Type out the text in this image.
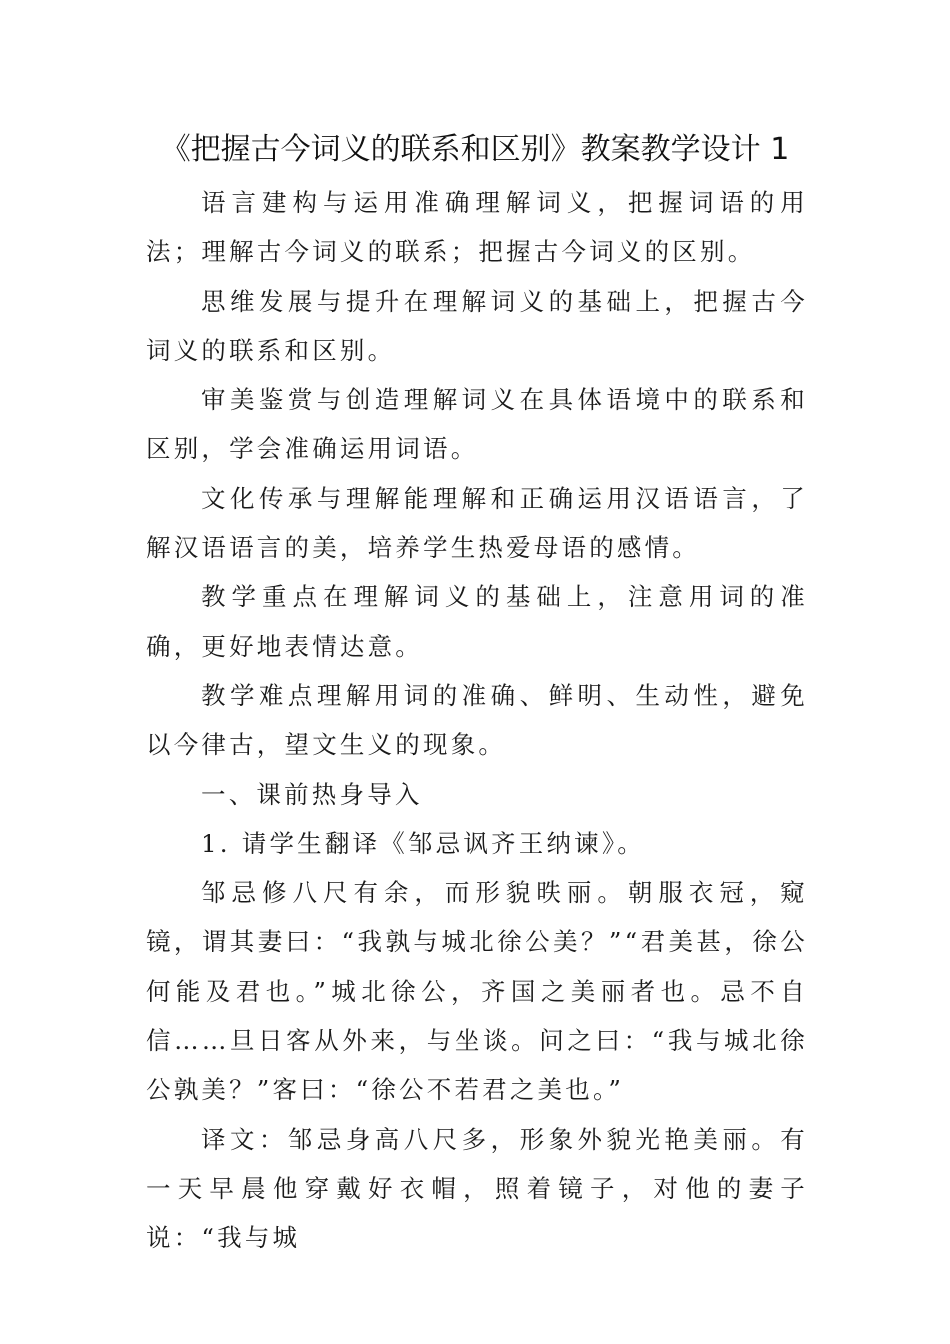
《把握古今词义的联系和区别》教案教学设计 1

语言建构与运用准确理解词义，把握词语的用法；理解古今词义的联系；把握古今词义的区别。

思维发展与提升在理解词义的基础上，把握古今词义的联系和区别。

审美鉴赏与创造理解词义在具体语境中的联系和区别，学会准确运用词语。

文化传承与理解能理解和正确运用汉语语言，了解汉语语言的美，培养学生热爱母语的感情。

教学重点在理解词义的基础上，注意用词的准确，更好地表情达意。

教学难点理解用词的准确、鲜明、生动性，避免以今律古，望文生义的现象。

一、课前热身导入

1. 请学生翻译《邹忌讽齐王纳谏》。

邹忌修八尺有余，而形貌昳丽。朝服衣冠，窥镜，谓其妻曰：“我孰与城北徐公美？”“君美甚，徐公何能及君也。”城北徐公，齐国之美丽者也。忌不自信……旦日客从外来，与坐谈。问之曰：“我与城北徐公孰美？”客曰：“徐公不若君之美也。”

译文：邹忌身高八尺多，形象外貌光艳美丽。有一天早晨他穿戴好衣帽，照着镜子，对他的妻子说：“我与城
